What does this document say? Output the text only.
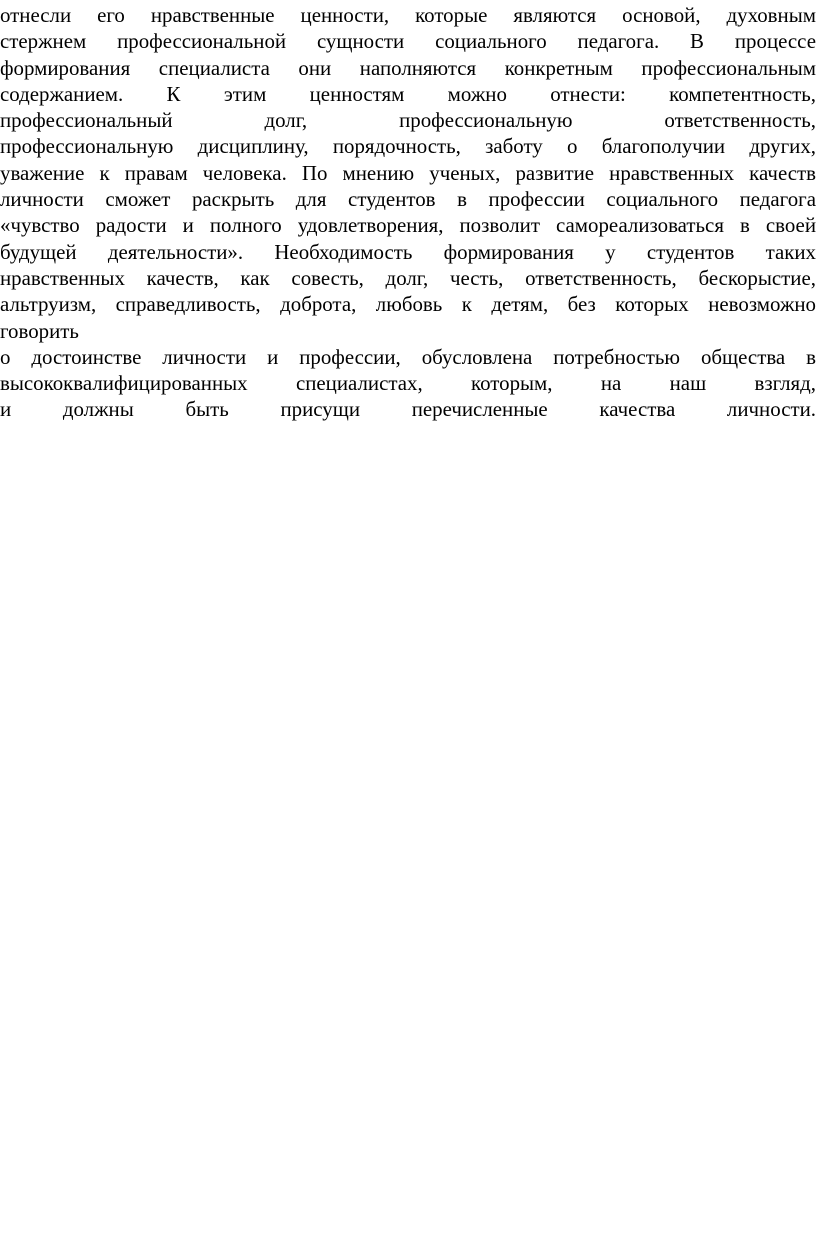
отнесли его нравственные ценности, которые являются основой, духовным
стержнем профессиональной сущности социального педагога. В процессе
формирования специалиста они наполняются конкретным профессиональным
содержанием. К этим ценностям можно отнести: компетентность,
профессиональный долг, профессиональную ответственность,
профессиональную дисциплину, порядочность, заботу о благополучии других,
уважение к правам человека. По мнению ученых, развитие нравственных качеств
личности сможет раскрыть для студентов в профессии социального педагога
«чувство радости и полного удовлетворения, позволит самореализоваться в своей
будущей деятельности». Необходимость формирования у студентов таких
нравственных качеств, как совесть, долг, честь, ответственность, бескорыстие,
альтруизм, справедливость, доброта, любовь к детям, без которых невозможно
говорить
о достоинстве личности и профессии, обусловлена потребностью общества в
высококвалифицированных специалистах, которым, на наш взгляд,
и должны быть присущи перечисленные качества личности.
